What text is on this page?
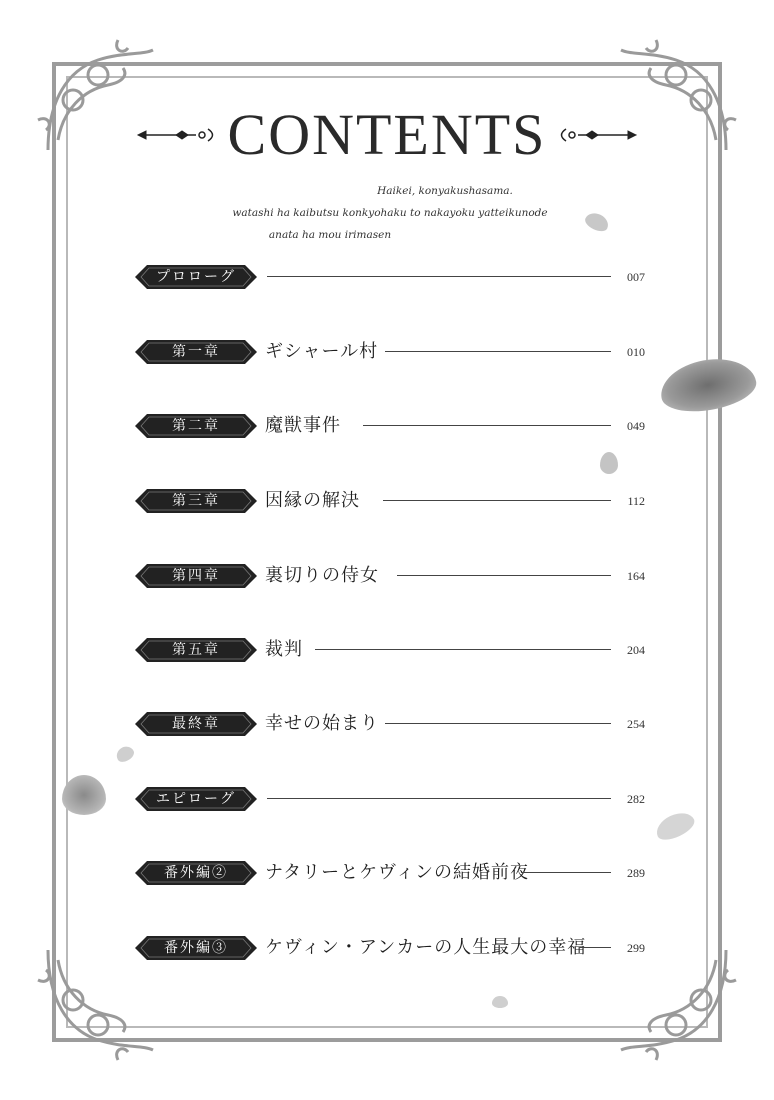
CONTENTS
Haikei, konyakushasama.
watashi ha kaibutsu konkyohaku to nakayoku yatteikunode
anata ha mou irimasen
プロローグ	007
第一章	ギシャール村	010
第二章	魔獣事件	049
第三章	因縁の解決	112
第四章	裏切りの侍女	164
第五章	裁判	204
最終章	幸せの始まり	254
エピローグ	282
番外編②	ナタリーとケヴィンの結婚前夜	289
番外編③	ケヴィン・アンカーの人生最大の幸福	299
